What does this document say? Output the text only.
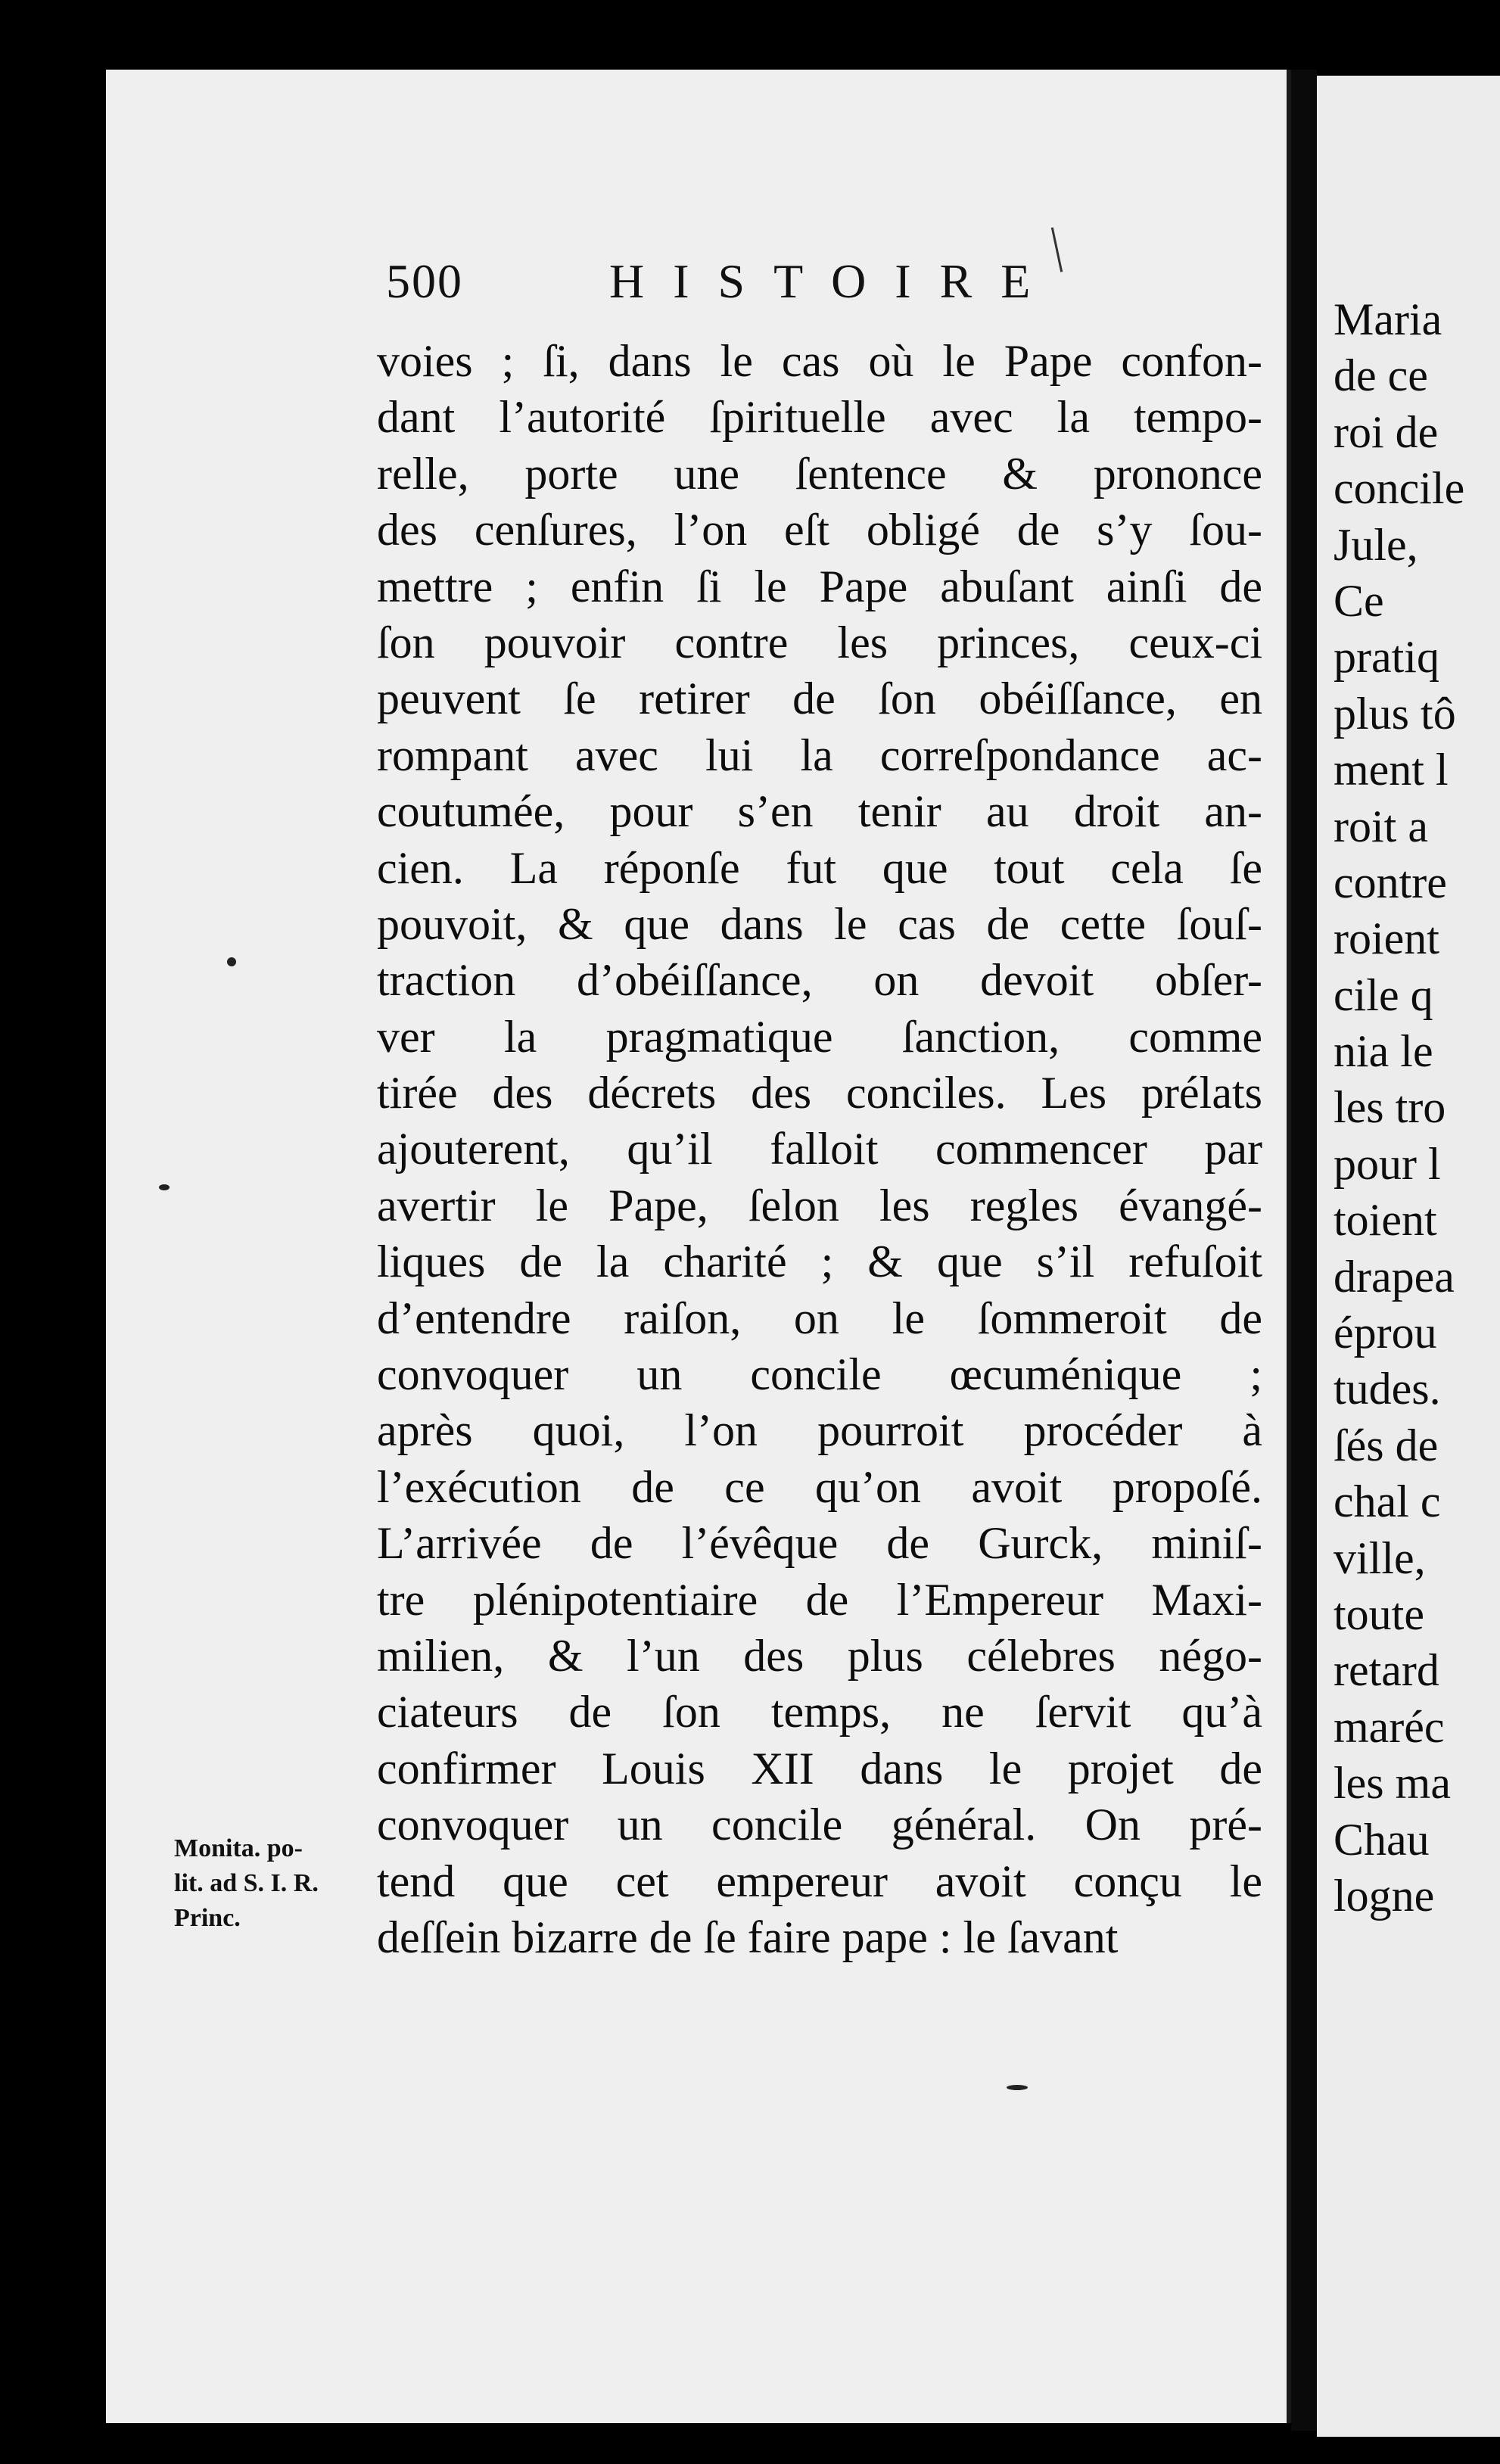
Maria
de ce
roi de
concile
Jule,
Ce
pratiq
plus tô
ment l
roit a
contre
roient
cile q
nia le
les tro
pour l
toient
drapea
éprou
tudes.
ſés de
chal c
ville,
toute
retard
maréc
les ma
Chau
logne
500	HISTOIRE
voies ; ſi, dans le cas où le Pape confon-
dant l’autorité ſpirituelle avec la tempo-
relle, porte une ſentence & prononce
des cenſures, l’on eſt obligé de s’y ſou-
mettre ; enfin ſi le Pape abuſant ainſi de
ſon pouvoir contre les princes, ceux-ci
peuvent ſe retirer de ſon obéiſſance, en
rompant avec lui la correſpondance ac-
coutumée, pour s’en tenir au droit an-
cien. La réponſe fut que tout cela ſe
pouvoit, & que dans le cas de cette ſouſ-
traction d’obéiſſance, on devoit obſer-
ver la pragmatique ſanction, comme
tirée des décrets des conciles. Les prélats
ajouterent, qu’il falloit commencer par
avertir le Pape, ſelon les regles évangé-
liques de la charité ; & que s’il refuſoit
d’entendre raiſon, on le ſommeroit de
convoquer un concile œcuménique ;
après quoi, l’on pourroit procéder à
l’exécution de ce qu’on avoit propoſé.
L’arrivée de l’évêque de Gurck, miniſ-
tre plénipotentiaire de l’Empereur Maxi-
milien, & l’un des plus célebres négo-
ciateurs de ſon temps, ne ſervit qu’à
confirmer Louis XII dans le projet de
convoquer un concile général. On pré-
tend que cet empereur avoit conçu le
deſſein bizarre de ſe faire pape : le ſavant
Monita. po-
lit. ad S. I. R.
Princ.
